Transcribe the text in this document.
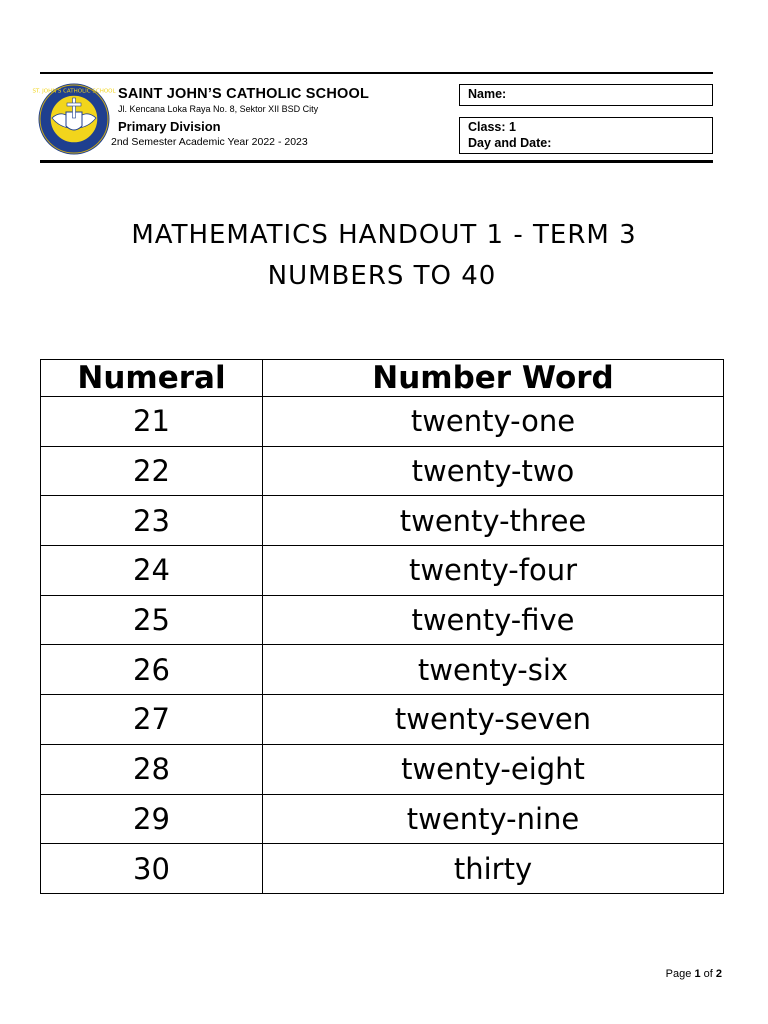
ST. JOHN'S CATHOLIC SCHOOL SAINT JOHN’S CATHOLIC SCHOOL
Jl. Kencana Loka Raya No. 8, Sektor XII BSD City
Primary Division
2nd Semester Academic Year 2022 - 2023
Name:
Class: 1
Day and Date:
MATHEMATICS HANDOUT 1 - TERM 3
NUMBERS TO 40
Numeral	Number Word
21	twenty-one
22	twenty-two
23	twenty-three
24	twenty-four
25	twenty-five
26	twenty-six
27	twenty-seven
28	twenty-eight
29	twenty-nine
30	thirty
Page 1 of 2
